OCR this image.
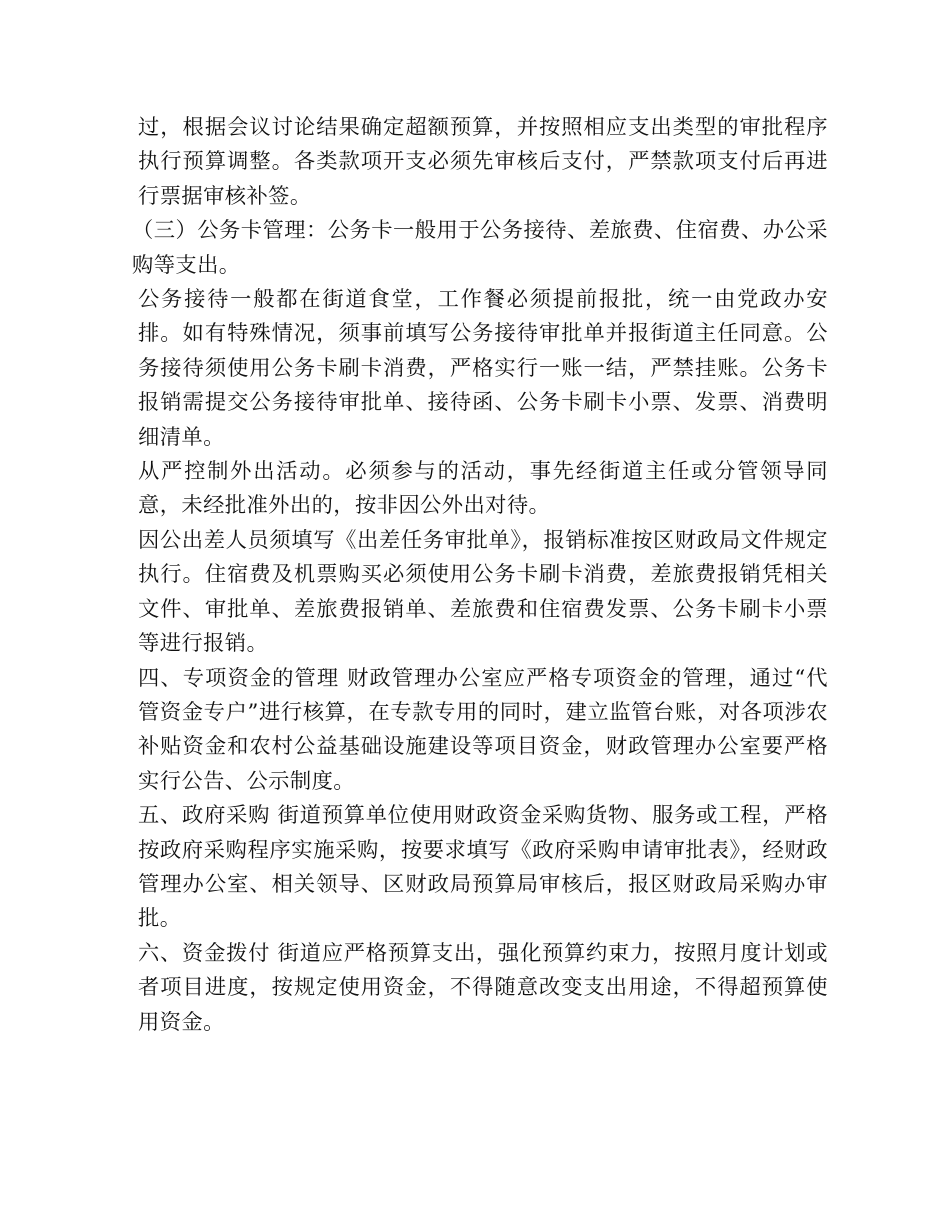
过，根据会议讨论结果确定超额预算，并按照相应支出类型的审批程序执行预算调整。各类款项开支必须先审核后支付，严禁款项支付后再进行票据审核补签。

（三）公务卡管理：公务卡一般用于公务接待、差旅费、住宿费、办公采购等支出。

公务接待一般都在街道食堂，工作餐必须提前报批，统一由党政办安排。如有特殊情况，须事前填写公务接待审批单并报街道主任同意。公务接待须使用公务卡刷卡消费，严格实行一账一结，严禁挂账。公务卡报销需提交公务接待审批单、接待函、公务卡刷卡小票、发票、消费明细清单。

从严控制外出活动。必须参与的活动，事先经街道主任或分管领导同意，未经批准外出的，按非因公外出对待。

因公出差人员须填写《出差任务审批单》，报销标准按区财政局文件规定执行。住宿费及机票购买必须使用公务卡刷卡消费，差旅费报销凭相关文件、审批单、差旅费报销单、差旅费和住宿费发票、公务卡刷卡小票等进行报销。

四、专项资金的管理 财政管理办公室应严格专项资金的管理，通过“代管资金专户”进行核算，在专款专用的同时，建立监管台账，对各项涉农补贴资金和农村公益基础设施建设等项目资金，财政管理办公室要严格实行公告、公示制度。

五、政府采购 街道预算单位使用财政资金采购货物、服务或工程，严格按政府采购程序实施采购，按要求填写《政府采购申请审批表》，经财政管理办公室、相关领导、区财政局预算局审核后，报区财政局采购办审批。

六、资金拨付 街道应严格预算支出，强化预算约束力，按照月度计划或者项目进度，按规定使用资金，不得随意改变支出用途，不得超预算使用资金。
